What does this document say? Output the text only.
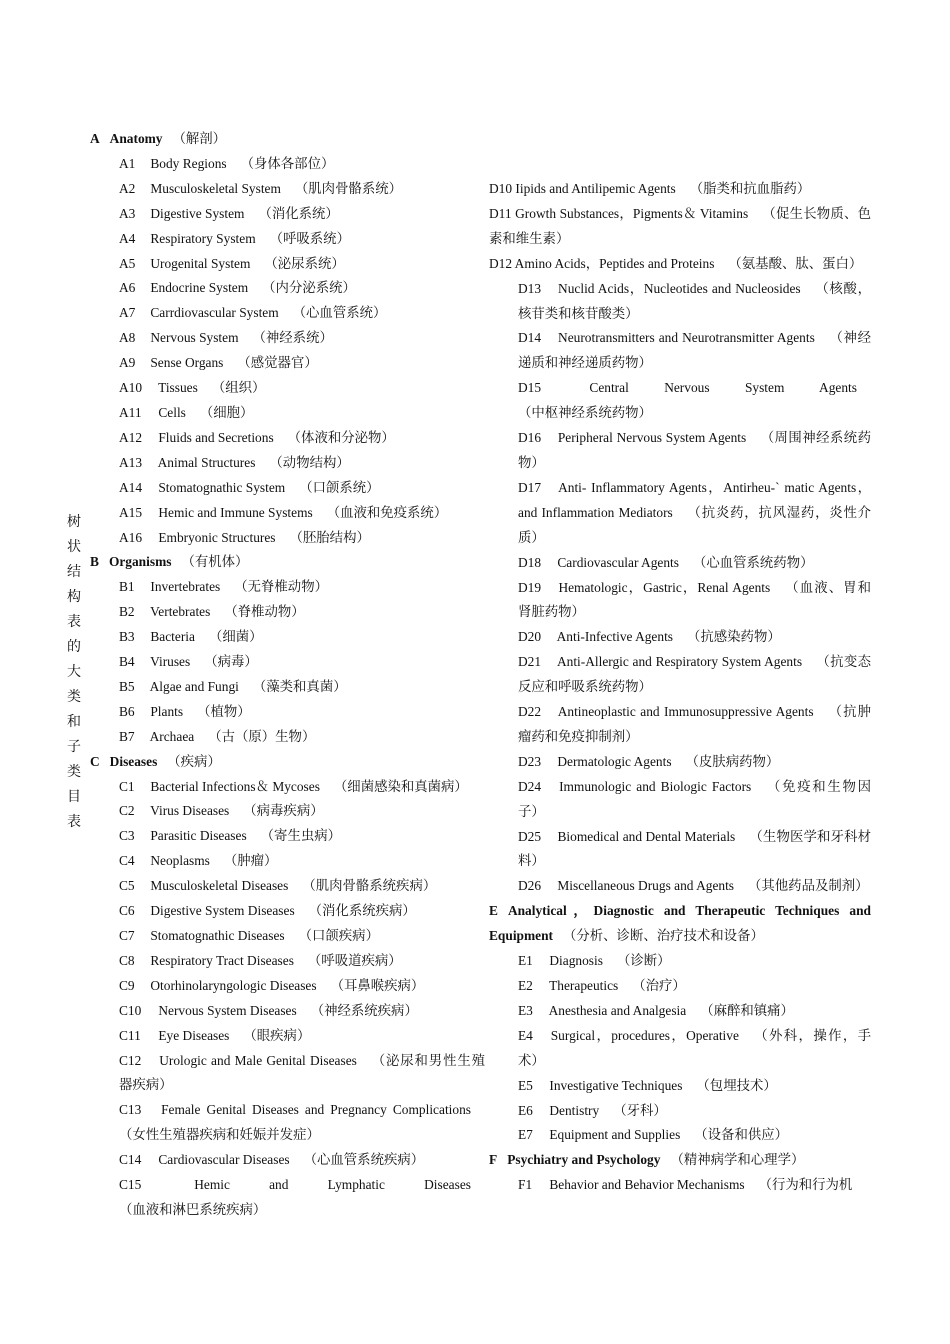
树
状
结
构
表
的
大
类
和
子
类
目
表
A Anatomy （解剖）
A1 Body Regions （身体各部位）
A2 Musculoskeletal System （肌肉骨骼系统）
A3 Digestive System （消化系统）
A4 Respiratory System （呼吸系统）
A5 Urogenital System （泌尿系统）
A6 Endocrine System （内分泌系统）
A7 Carrdiovascular System （心血管系统）
A8 Nervous System （神经系统）
A9 Sense Organs （感觉器官）
A10 Tissues （组织）
A11 Cells （细胞）
A12 Fluids and Secretions （体液和分泌物）
A13 Animal Structures （动物结构）
A14 Stomatognathic System （口颌系统）
A15 Hemic and Immune Systems （血液和免疫系统）
A16 Embryonic Structures （胚胎结构）
B Organisms （有机体）
B1 Invertebrates （无脊椎动物）
B2 Vertebrates （脊椎动物）
B3 Bacteria （细菌）
B4 Viruses （病毒）
B5 Algae and Fungi （藻类和真菌）
B6 Plants （植物）
B7 Archaea （古（原）生物）
C Diseases （疾病）
C1 Bacterial Infections＆ Mycoses （细菌感染和真菌病）
C2 Virus Diseases （病毒疾病）
C3 Parasitic Diseases （寄生虫病）
C4 Neoplasms （肿瘤）
C5 Musculoskeletal Diseases （肌肉骨骼系统疾病）
C6 Digestive System Diseases （消化系统疾病）
C7 Stomatognathic Diseases （口颌疾病）
C8 Respiratory Tract Diseases （呼吸道疾病）
C9 Otorhinolaryngologic Diseases （耳鼻喉疾病）
C10 Nervous System Diseases （神经系统疾病）
C11 Eye Diseases （眼疾病）
C12 Urologic and Male Genital Diseases （泌尿和男性生殖器疾病）
C13 Female Genital Diseases and Pregnancy Complications（女性生殖器疾病和妊娠并发症）
C14 Cardiovascular Diseases （心血管系统疾病）
C15	Hemic and Lymphatic Diseases（血液和淋巴系统疾病）
D10 Iipids and Antilipemic Agents （脂类和抗血脂药）
D11 Growth Substances，Pigments＆ Vitamins （促生长物质、色素和维生素）
D12 Amino Acids，Peptides and Proteins （氨基酸、肽、蛋白）
D13 Nuclid Acids，Nucleotides and Nucleosides （核酸，核苷类和核苷酸类）
D14 Neurotransmitters and Neurotransmitter Agents （神经递质和神经递质药物）
D15	Central Nervous System Agents（中枢神经系统药物）
D16 Peripheral Nervous System Agents （周围神经系统药物）
D17 Anti- Inflammatory Agents，Antirheu-` matic Agents， and Inflammation Mediators （抗炎药，抗风湿药，炎性介质）
D18 Cardiovascular Agents （心血管系统药物）
D19 Hematologic，Gastric，Renal Agents （血液、胃和肾脏药物）
D20 Anti-Infective Agents （抗感染药物）
D21 Anti-Allergic and Respiratory System Agents （抗变态反应和呼吸系统药物）
D22 Antineoplastic and Immunosuppressive Agents （抗肿瘤药和免疫抑制剂）
D23 Dermatologic Agents （皮肤病药物）
D24 Immunologic and Biologic Factors （免疫和生物因子）
D25 Biomedical and Dental Materials （生物医学和牙科材料）
D26 Miscellaneous Drugs and Agents （其他药品及制剂）
E Analytical，Diagnostic and Therapeutic Techniques and Equipment （分析、诊断、治疗技术和设备）
E1 Diagnosis （诊断）
E2 Therapeutics （治疗）
E3 Anesthesia and Analgesia （麻醉和镇痛）
E4 Surgical，procedures，Operative （外科，操作，手术）
E5 Investigative Techniques （包埋技术）
E6 Dentistry （牙科）
E7 Equipment and Supplies （设备和供应）
F Psychiatry and Psychology （精神病学和心理学）
F1 Behavior and Behavior Mechanisms （行为和行为机
